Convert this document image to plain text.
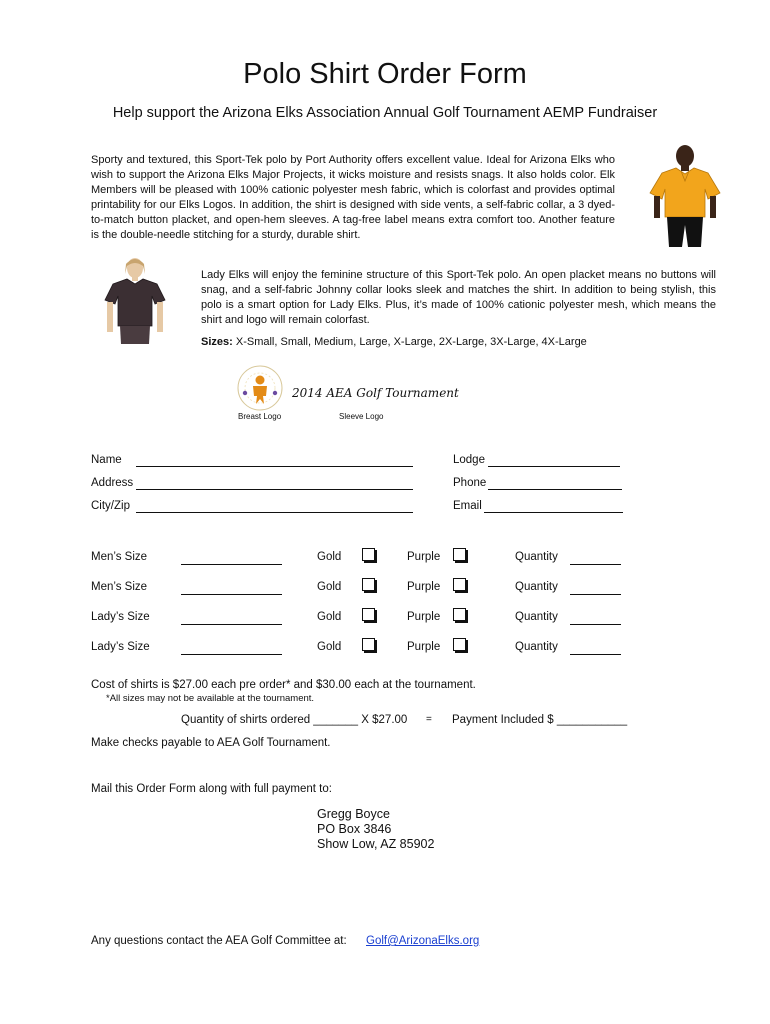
Polo Shirt Order Form
Help support the Arizona Elks Association Annual Golf Tournament AEMP Fundraiser
Sporty and textured, this Sport-Tek polo by Port Authority offers excellent value. Ideal for Arizona Elks who wish to support the Arizona Elks Major Projects, it wicks moisture and resists snags. It also holds color. Elk Members will be pleased with 100% cationic polyester mesh fabric, which is colorfast and provides optimal printability for our Elks Logos. In addition, the shirt is designed with side vents, a self-fabric collar, a 3 dyed-to-match button placket, and open-hem sleeves. A tag-free label means extra comfort too. Another feature is the double-needle stitching for a sturdy, durable shirt.
Lady Elks will enjoy the feminine structure of this Sport-Tek polo. An open placket means no buttons will snag, and a self-fabric Johnny collar looks sleek and matches the shirt. In addition to being stylish, this polo is a smart option for Lady Elks. Plus, it’s made of 100% cationic polyester mesh, which means the shirt and logo will remain colorfast.
Sizes: X-Small, Small, Medium, Large, X-Large, 2X-Large, 3X-Large, 4X-Large
2014 AEA Golf Tournament
Breast Logo	Sleeve Logo
Name
Address
City/Zip
Lodge
Phone
Email
Men’s Size	Gold	Purple	Quantity
Men’s Size	Gold	Purple	Quantity
Lady’s Size	Gold	Purple	Quantity
Lady’s Size	Gold	Purple	Quantity
Cost of shirts is $27.00 each pre order* and $30.00 each at the tournament.
*All sizes may not be available at the tournament.
Quantity of shirts ordered _______ X $27.00 = Payment Included $ ___________
Make checks payable to AEA Golf Tournament.
Mail this Order Form along with full payment to:
Gregg Boyce
PO Box 3846
Show Low, AZ 85902
Any questions contact the AEA Golf Committee at: Golf@ArizonaElks.org
